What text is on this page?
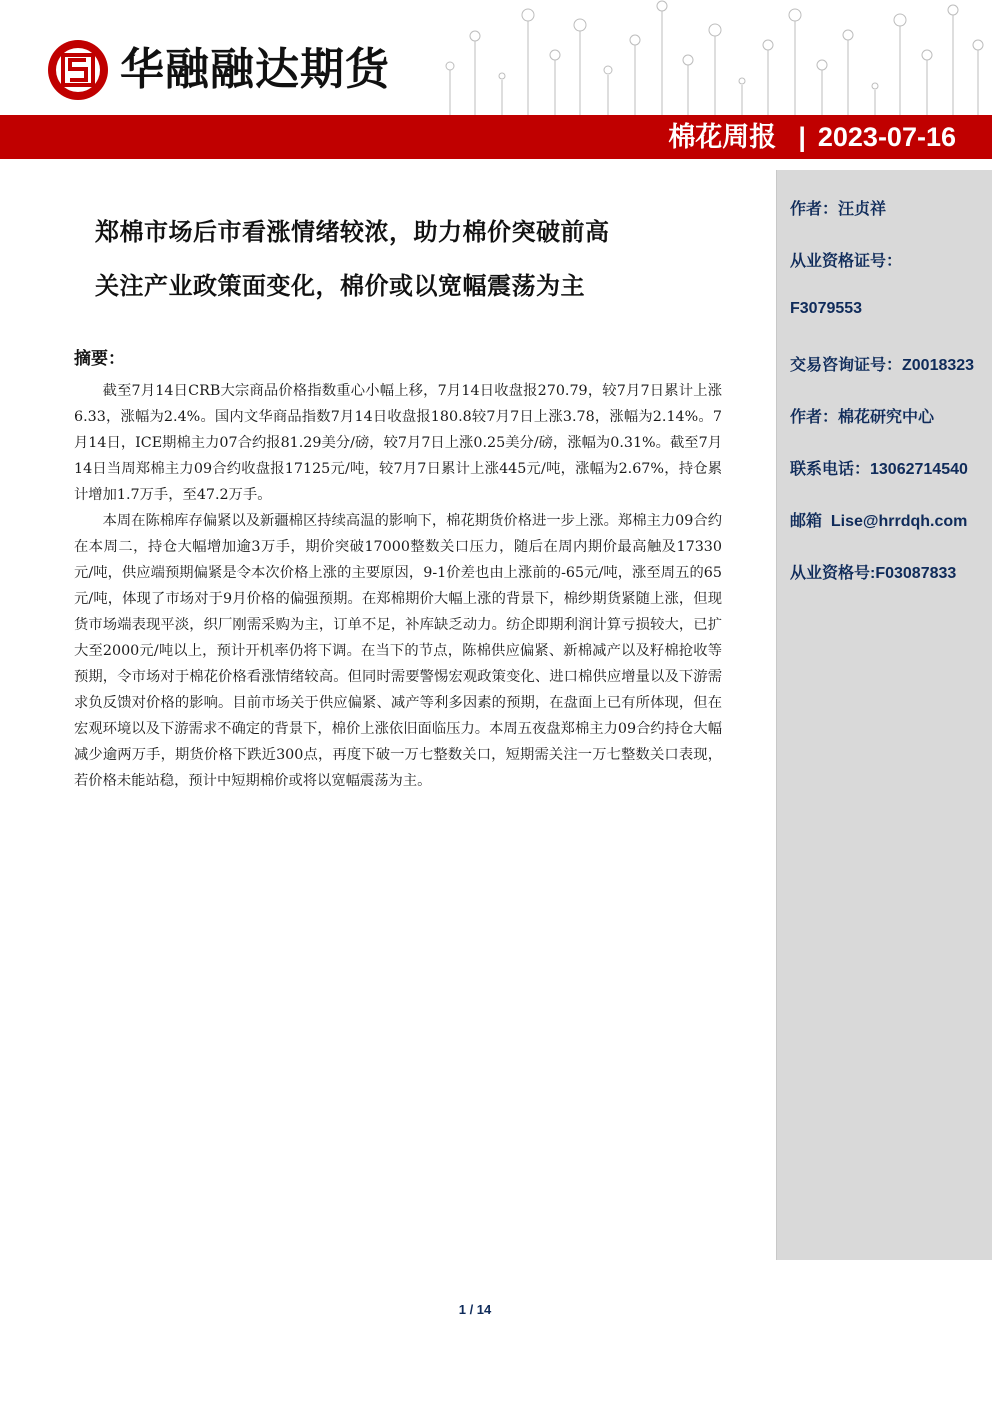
华融融达期货
棉花周报 | 2023-07-16
郑棉市场后市看涨情绪较浓，助力棉价突破前高
关注产业政策面变化，棉价或以宽幅震荡为主
摘要：

截至7月14日CRB大宗商品价格指数重心小幅上移，7月14日收盘报270.79，较7月7日累计上涨6.33，涨幅为2.4%。国内文华商品指数7月14日收盘报180.8较7月7日上涨3.78，涨幅为2.14%。7月14日，ICE期棉主力07合约报81.29美分/磅，较7月7日上涨0.25美分/磅，涨幅为0.31%。截至7月14日当周郑棉主力09合约收盘报17125元/吨，较7月7日累计上涨445元/吨，涨幅为2.67%，持仓累计增加1.7万手，至47.2万手。

本周在陈棉库存偏紧以及新疆棉区持续高温的影响下，棉花期货价格进一步上涨。郑棉主力09合约在本周二，持仓大幅增加逾3万手，期价突破17000整数关口压力，随后在周内期价最高触及17330元/吨，供应端预期偏紧是令本次价格上涨的主要原因，9-1价差也由上涨前的-65元/吨，涨至周五的65元/吨，体现了市场对于9月价格的偏强预期。在郑棉期价大幅上涨的背景下，棉纱期货紧随上涨，但现货市场端表现平淡，织厂刚需采购为主，订单不足，补库缺乏动力。纺企即期利润计算亏损较大，已扩大至2000元/吨以上，预计开机率仍将下调。在当下的节点，陈棉供应偏紧、新棉减产以及籽棉抢收等预期，令市场对于棉花价格看涨情绪较高。但同时需要警惕宏观政策变化、进口棉供应增量以及下游需求负反馈对价格的影响。目前市场关于供应偏紧、减产等利多因素的预期，在盘面上已有所体现，但在宏观环境以及下游需求不确定的背景下，棉价上涨依旧面临压力。本周五夜盘郑棉主力09合约持仓大幅减少逾两万手，期货价格下跌近300点，再度下破一万七整数关口，短期需关注一万七整数关口表现，若价格未能站稳，预计中短期棉价或将以宽幅震荡为主。

作者：汪贞祥
从业资格证号：
F3079553
交易咨询证号：Z0018323
作者：棉花研究中心
联系电话：13062714540
邮箱  Lise@hrrdqh.com
从业资格号:F03087833
1 / 14
